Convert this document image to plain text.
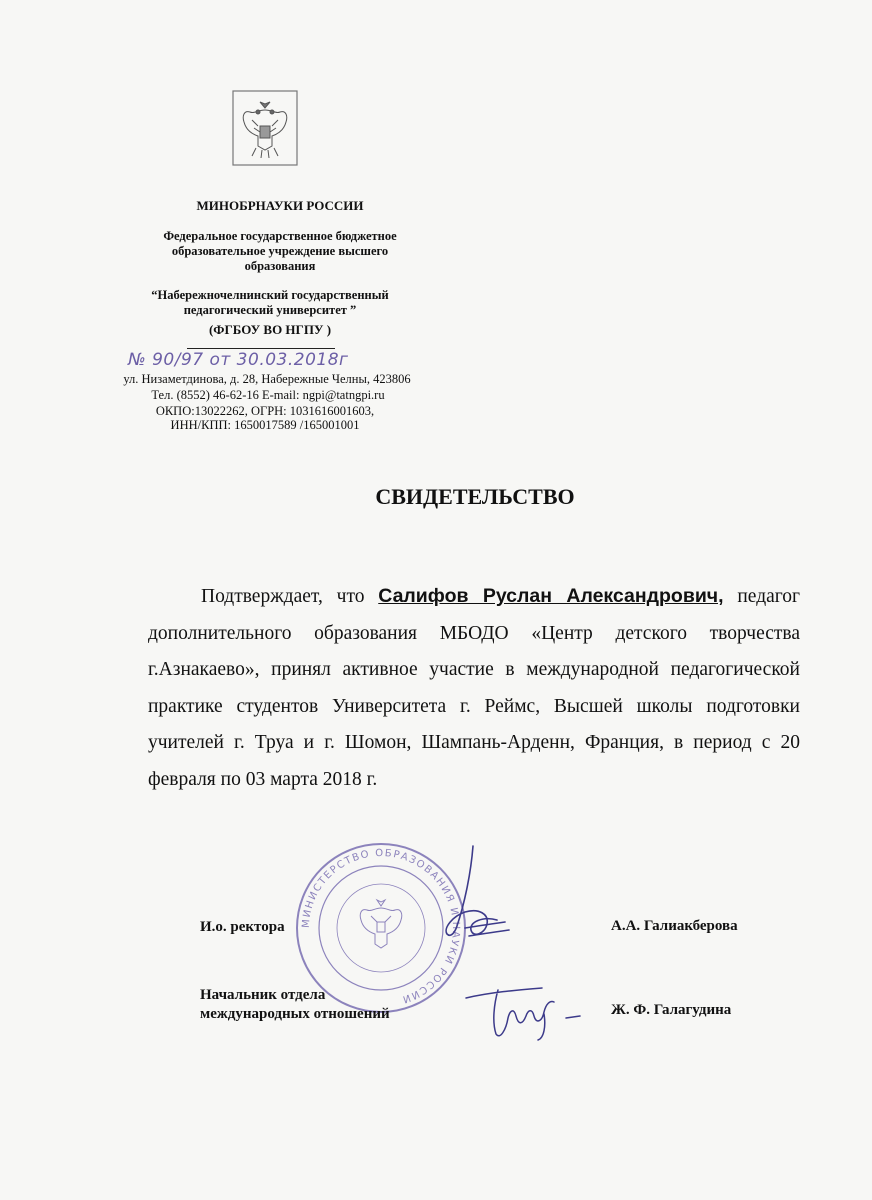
МИНОБРНАУКИ РОССИИ
Федеральное государственное бюджетное
образовательное учреждение высшего
образования
“Набережночелнинский государственный
педагогический университет ”
(ФГБОУ ВО НГПУ )
№ 90/97 от 30.03.2018г
ул. Низаметдинова, д. 28, Набережные Челны, 423806
Тел. (8552) 46-62-16 E-mail: ngpi@tatngpi.ru
ОКПО:13022262, ОГРН: 1031616001603,
ИНН/КПП: 1650017589 /165001001
СВИДЕТЕЛЬСТВО
Подтверждает, что Салифов Руслан Александрович, педагог дополнительного образования МБОДО «Центр детского творчества г.Азнакаево», принял активное участие в международной педагогической практике студентов Университета г. Реймс, Высшей школы подготовки учителей г. Труа и г. Шомон, Шампань-Арденн, Франция, в период с 20 февраля по 03 марта 2018 г.
МИНИСТЕРСТВО ОБРАЗОВАНИЯ И НАУКИ РОССИИ
И.о. ректора	А.А. Галиакберова
Начальник отдела
международных отношений	Ж. Ф. Галагудина
